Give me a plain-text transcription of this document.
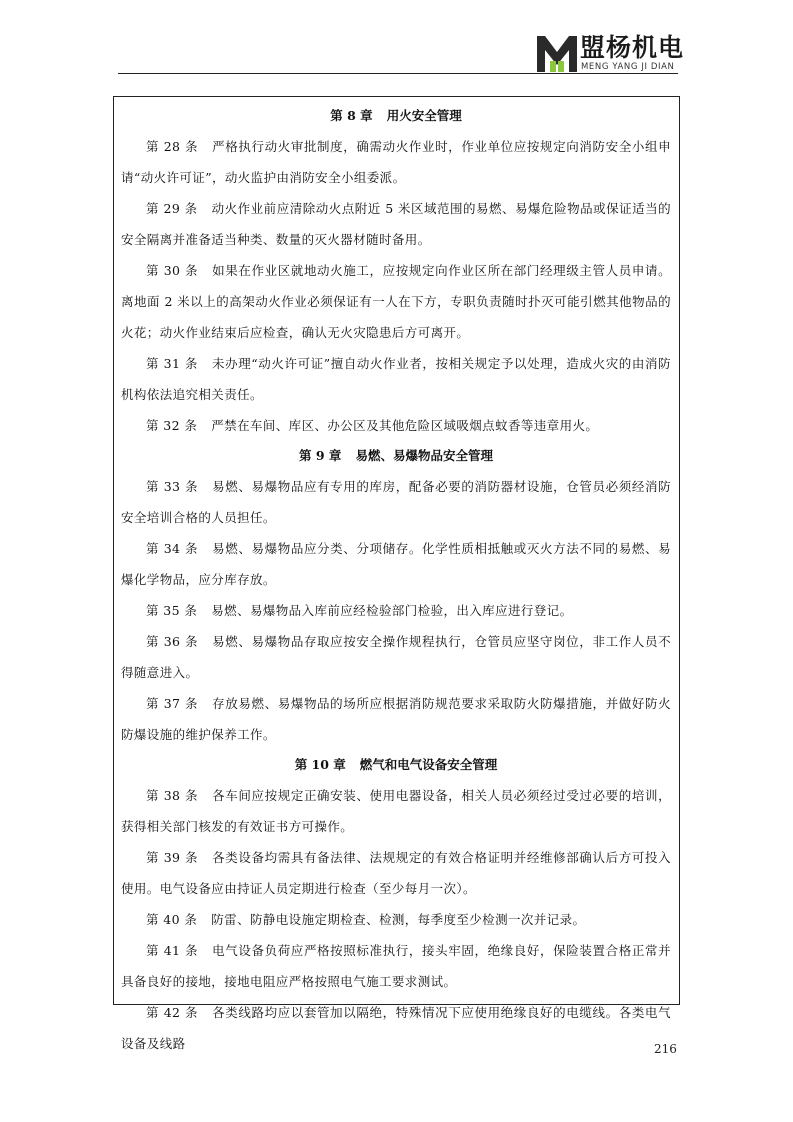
盟杨机电
MENG YANG JI DIAN
第 8 章 用火安全管理
第 28 条 严格执行动火审批制度，确需动火作业时，作业单位应按规定向消防安全小组申请“动火许可证”，动火监护由消防安全小组委派。
第 29 条 动火作业前应清除动火点附近 5 米区域范围的易燃、易爆危险物品或保证适当的安全隔离并准备适当种类、数量的灭火器材随时备用。
第 30 条 如果在作业区就地动火施工，应按规定向作业区所在部门经理级主管人员申请。离地面 2 米以上的高架动火作业必须保证有一人在下方，专职负责随时扑灭可能引燃其他物品的火花；动火作业结束后应检查，确认无火灾隐患后方可离开。
第 31 条 未办理“动火许可证”擅自动火作业者，按相关规定予以处理，造成火灾的由消防机构依法追究相关责任。
第 32 条 严禁在车间、库区、办公区及其他危险区域吸烟点蚊香等违章用火。
第 9 章 易燃、易爆物品安全管理
第 33 条 易燃、易爆物品应有专用的库房，配备必要的消防器材设施，仓管员必须经消防安全培训合格的人员担任。
第 34 条 易燃、易爆物品应分类、分项储存。化学性质相抵触或灭火方法不同的易燃、易爆化学物品，应分库存放。
第 35 条 易燃、易爆物品入库前应经检验部门检验，出入库应进行登记。
第 36 条 易燃、易爆物品存取应按安全操作规程执行，仓管员应坚守岗位，非工作人员不得随意进入。
第 37 条 存放易燃、易爆物品的场所应根据消防规范要求采取防火防爆措施，并做好防火防爆设施的维护保养工作。
第 10 章 燃气和电气设备安全管理
第 38 条 各车间应按规定正确安装、使用电器设备，相关人员必须经过受过必要的培训，获得相关部门核发的有效证书方可操作。
第 39 条 各类设备均需具有备法律、法规规定的有效合格证明并经维修部确认后方可投入使用。电气设备应由持证人员定期进行检查（至少每月一次）。
第 40 条 防雷、防静电设施定期检查、检测，每季度至少检测一次并记录。
第 41 条 电气设备负荷应严格按照标准执行，接头牢固，绝缘良好，保险装置合格正常并具备良好的接地，接地电阻应严格按照电气施工要求测试。
第 42 条 各类线路均应以套管加以隔绝，特殊情况下应使用绝缘良好的电缆线。各类电气设备及线路	216
